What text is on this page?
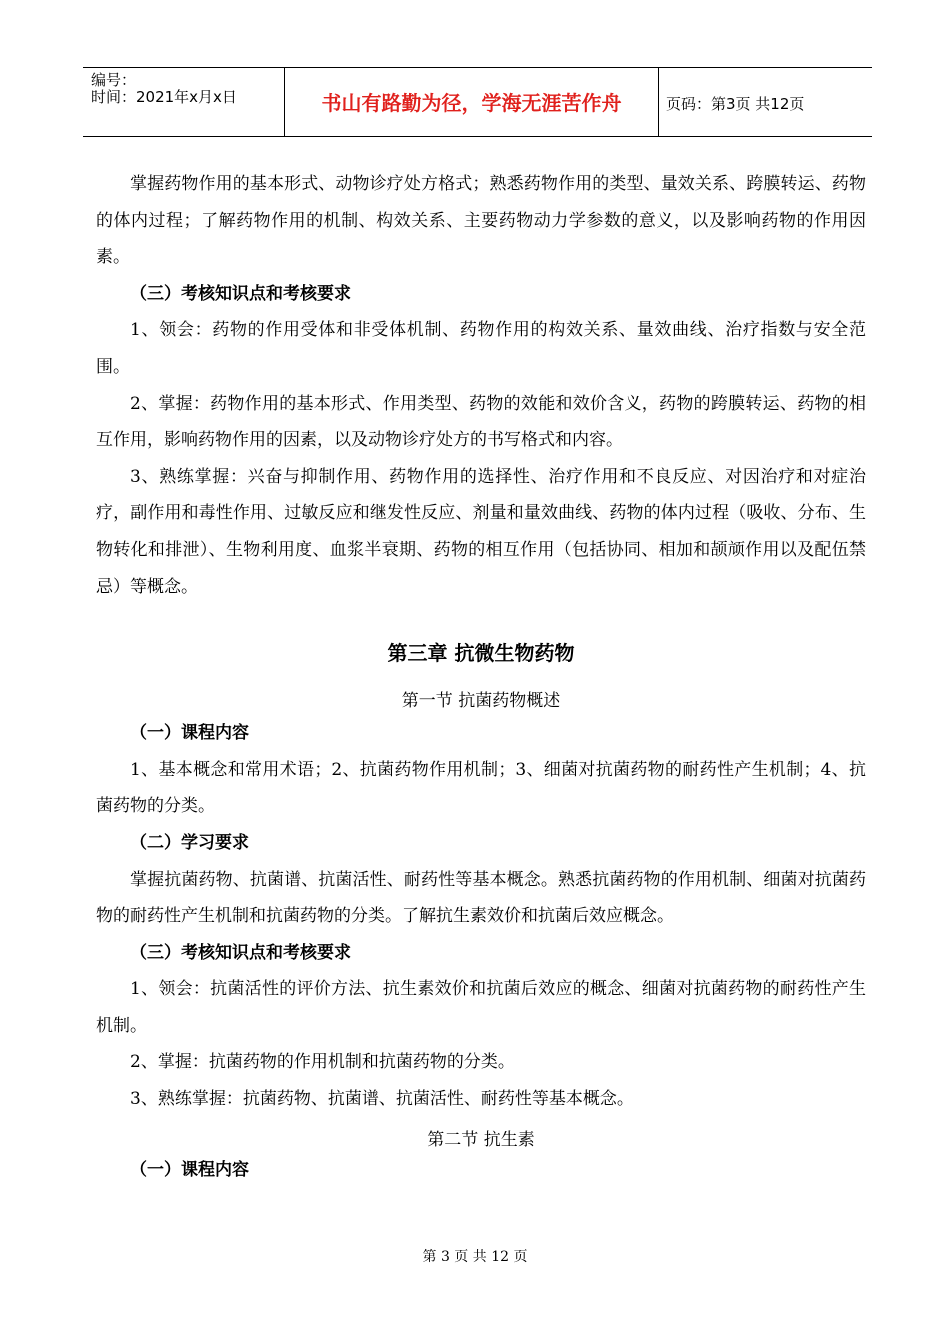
编号：
时间：2021年x月x日	书山有路勤为径，学海无涯苦作舟	页码：第3页 共12页

掌握药物作用的基本形式、动物诊疗处方格式；熟悉药物作用的类型、量效关系、跨膜转运、药物的体内过程；了解药物作用的机制、构效关系、主要药物动力学参数的意义，以及影响药物的作用因素。

（三）考核知识点和考核要求

1、领会：药物的作用受体和非受体机制、药物作用的构效关系、量效曲线、治疗指数与安全范围。

2、掌握：药物作用的基本形式、作用类型、药物的效能和效价含义，药物的跨膜转运、药物的相互作用，影响药物作用的因素，以及动物诊疗处方的书写格式和内容。

3、熟练掌握：兴奋与抑制作用、药物作用的选择性、治疗作用和不良反应、对因治疗和对症治疗，副作用和毒性作用、过敏反应和继发性反应、剂量和量效曲线、药物的体内过程（吸收、分布、生物转化和排泄）、生物利用度、血浆半衰期、药物的相互作用（包括协同、相加和颉颃作用以及配伍禁忌）等概念。

第三章 抗微生物药物

第一节 抗菌药物概述

（一）课程内容

1、基本概念和常用术语；2、抗菌药物作用机制；3、细菌对抗菌药物的耐药性产生机制；4、抗菌药物的分类。

（二）学习要求

掌握抗菌药物、抗菌谱、抗菌活性、耐药性等基本概念。熟悉抗菌药物的作用机制、细菌对抗菌药物的耐药性产生机制和抗菌药物的分类。了解抗生素效价和抗菌后效应概念。

（三）考核知识点和考核要求

1、领会：抗菌活性的评价方法、抗生素效价和抗菌后效应的概念、细菌对抗菌药物的耐药性产生机制。

2、掌握：抗菌药物的作用机制和抗菌药物的分类。

3、熟练掌握：抗菌药物、抗菌谱、抗菌活性、耐药性等基本概念。

第二节 抗生素

（一）课程内容

第 3 页 共 12 页
